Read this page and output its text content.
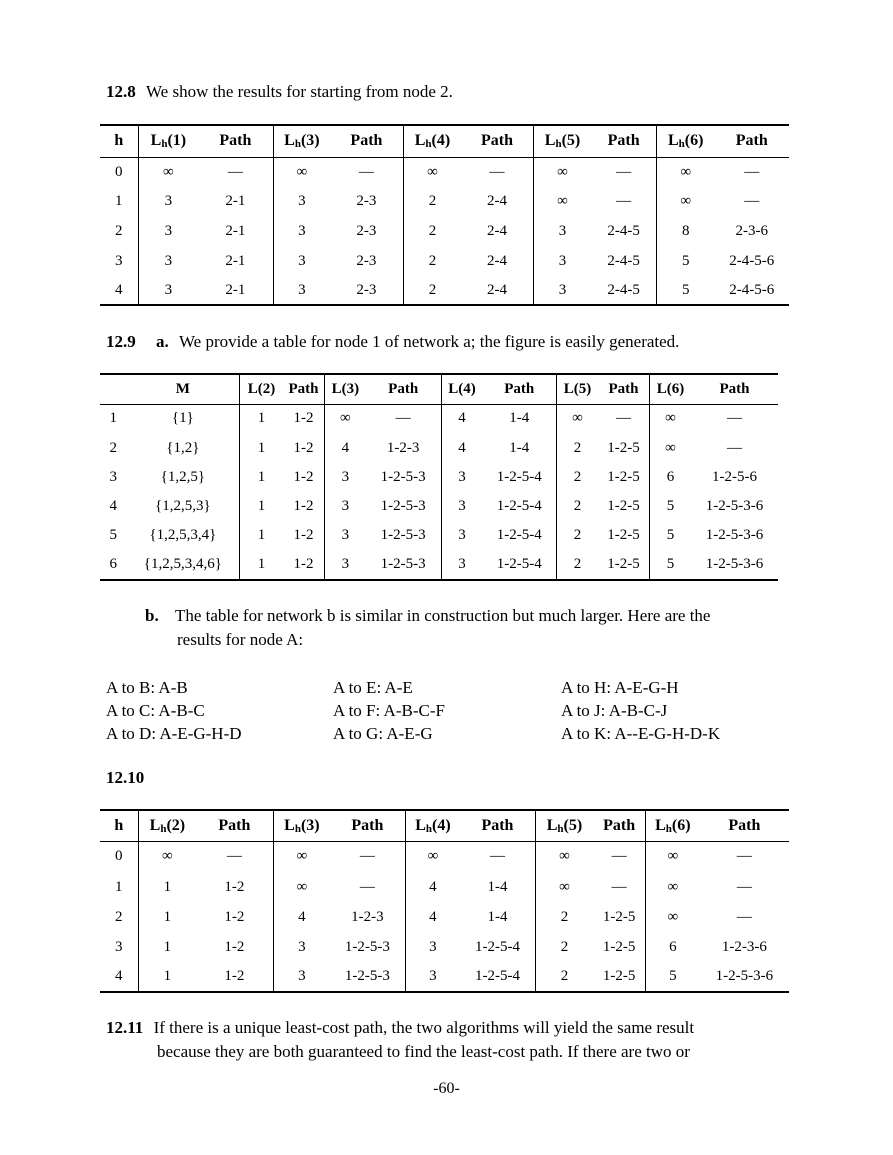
12.8 We show the results for starting from node 2.
h	$L_h(1)$	Path	$L_h(3)$	Path	$L_h(4)$	Path	$L_h(5)$	Path	$L_h(6)$	Path
0	∞	—	∞	—	∞	—	∞	—	∞	—
1	3	2-1	3	2-3	2	2-4	∞	—	∞	—
2	3	2-1	3	2-3	2	2-4	3	2-4-5	8	2-3-6
3	3	2-1	3	2-3	2	2-4	3	2-4-5	5	2-4-5-6
4	3	2-1	3	2-3	2	2-4	3	2-4-5	5	2-4-5-6
12.9 a. We provide a table for node 1 of network a; the figure is easily generated.
	M	L(2)	Path	L(3)	Path	L(4)	Path	L(5)	Path	L(6)	Path
1	{1}	1	1-2	∞	—	4	1-4	∞	—	∞	—
2	{1,2}	1	1-2	4	1-2-3	4	1-4	2	1-2-5	∞	—
3	{1,2,5}	1	1-2	3	1-2-5-3	3	1-2-5-4	2	1-2-5	6	1-2-5-6
4	{1,2,5,3}	1	1-2	3	1-2-5-3	3	1-2-5-4	2	1-2-5	5	1-2-5-3-6
5	{1,2,5,3,4}	1	1-2	3	1-2-5-3	3	1-2-5-4	2	1-2-5	5	1-2-5-3-6
6	{1,2,5,3,4,6}	1	1-2	3	1-2-5-3	3	1-2-5-4	2	1-2-5	5	1-2-5-3-6
b. The table for network b is similar in construction but much larger. Here are the
results for node A:
A to B: A-B
A to C: A-B-C
A to D: A-E-G-H-D
A to E: A-E
A to F: A-B-C-F
A to G: A-E-G
A to H: A-E-G-H
A to J: A-B-C-J
A to K: A--E-G-H-D-K
12.10
h	$L_h(2)$	Path	$L_h(3)$	Path	$L_h(4)$	Path	$L_h(5)$	Path	$L_h(6)$	Path
0	∞	—	∞	—	∞	—	∞	—	∞	—
1	1	1-2	∞	—	4	1-4	∞	—	∞	—
2	1	1-2	4	1-2-3	4	1-4	2	1-2-5	∞	—
3	1	1-2	3	1-2-5-3	3	1-2-5-4	2	1-2-5	6	1-2-3-6
4	1	1-2	3	1-2-5-3	3	1-2-5-4	2	1-2-5	5	1-2-5-3-6
12.11 If there is a unique least-cost path, the two algorithms will yield the same result
because they are both guaranteed to find the least-cost path. If there are two or
-60-
